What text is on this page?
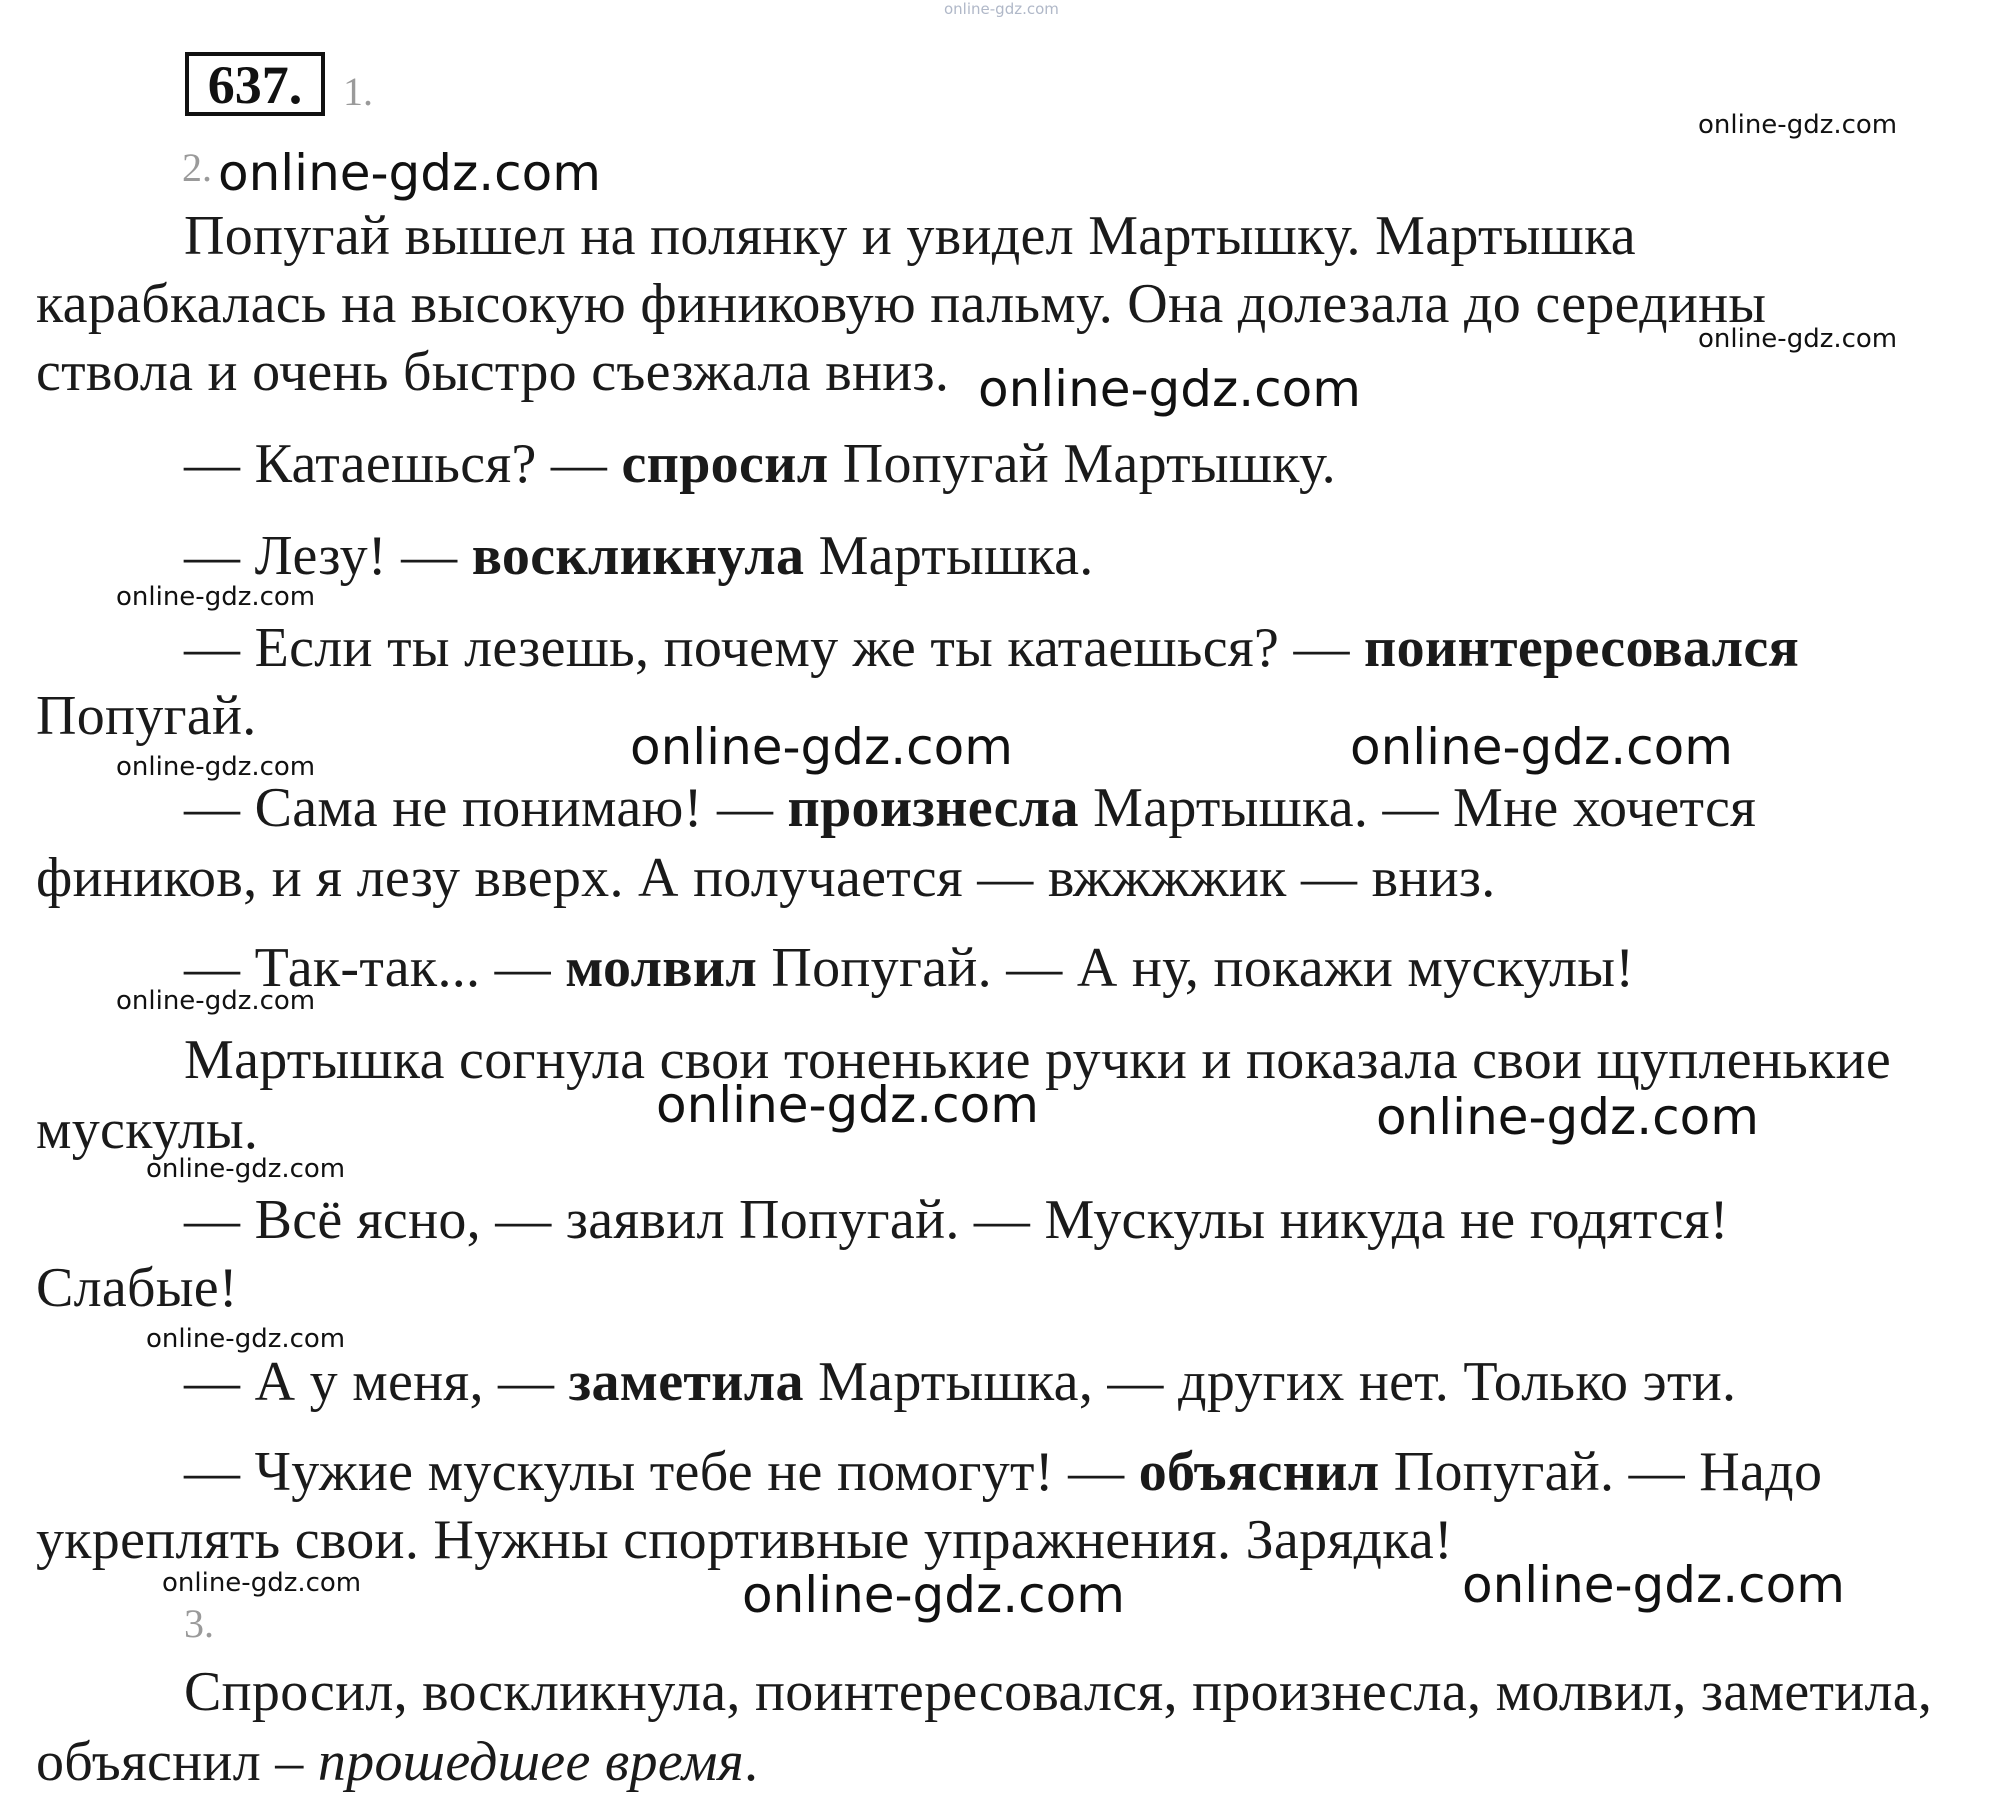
online-gdz.com
637.	1.
2.
Попугай вышел на полянку и увидел Мартышку. Мартышка
карабкалась на высокую финиковую пальму. Она долезала до середины
ствола и очень быстро съезжала вниз.
— Катаешься? — спросил Попугай Мартышку.
— Лезу! — воскликнула Мартышка.
— Если ты лезешь, почему же ты катаешься? — поинтересовался
Попугай.
— Сама не понимаю! — произнесла Мартышка. — Мне хочется
фиников, и я лезу вверх. А получается — вжжжжик — вниз.
— Так-так... — молвил Попугай. — А ну, покажи мускулы!
Мартышка согнула свои тоненькие ручки и показала свои щупленькие
мускулы.
— Всё ясно, — заявил Попугай. — Мускулы никуда не годятся!
Слабые!
— А у меня, — заметила Мартышка, — других нет. Только эти.
— Чужие мускулы тебе не помогут! — объяснил Попугай. — Надо
укреплять свои. Нужны спортивные упражнения. Зарядка!
3.
Спросил, воскликнула, поинтересовался, произнесла, молвил, заметила,
объяснил – прошедшее время.
online-gdz.com
online-gdz.com
online-gdz.com
online-gdz.com
online-gdz.com
online-gdz.com	online-gdz.com
online-gdz.com
online-gdz.com
online-gdz.com	online-gdz.com
online-gdz.com
online-gdz.com
online-gdz.com	online-gdz.com	online-gdz.com
